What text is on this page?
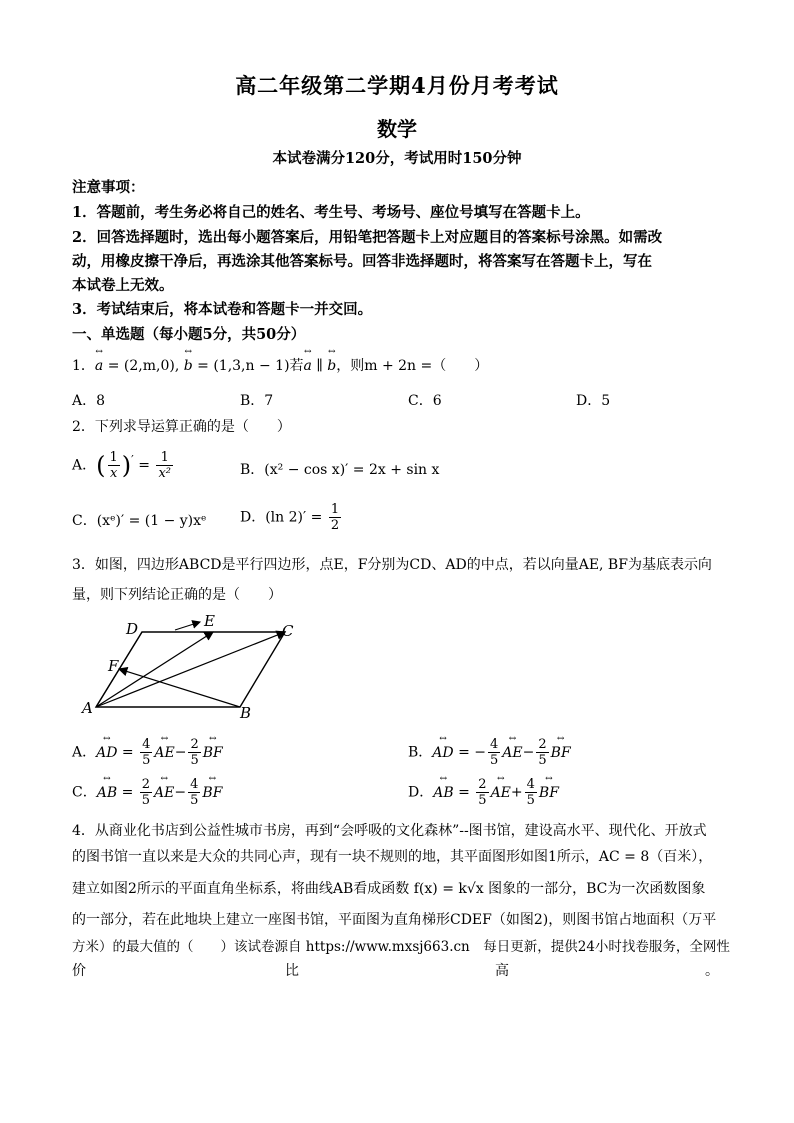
高二年级第二学期4月份月考考试
数学
本试卷满分120分，考试用时150分钟
注意事项：
1．答题前，考生务必将自己的姓名、考生号、考场号、座位号填写在答题卡上。
2．回答选择题时，选出每小题答案后，用铅笔把答题卡上对应题目的答案标号涂黑。如需改
动，用橡皮擦干净后，再选涂其他答案标号。回答非选择题时，将答案写在答题卡上，写在
本试卷上无效。
3．考试结束后，将本试卷和答题卡一并交回。
一、单选题（每小题5分，共50分）
1．↔ a = (2,m,0), ↔ b = (1,3,n − 1)若↔ a ∥ ↔ b，则m + 2n =（　　）
A．8	B．7	C．6	D．5
2．下列求导运算正确的是（　　）
A．( $\frac{1}{x} )' = \frac{1}{\text{x²}}$	B．(x² − cos x)′ = 2x + sin x
C．(xᵉ)′ = (1 − y)xᵉ D．(ln $2)' = \frac{1}{2}$
3．如图，四边形ABCD是平行四边形，点E，F分别为CD、AD的中点，若以向量AE, BF为基底表示向
量，则下列结论正确的是（　　）
A	B
C
D	E
F
A．↔ AD = $\frac{4}{5}$ ↔ $AE- \frac{2}{5}$ ↔ BF	B．↔ AD = − $\frac{4}{5}$ ↔ $AE- \frac{2}{5}$ ↔ BF
C．↔ AB = $\frac{2}{5}$ ↔ $AE- \frac{4}{5}$ ↔ BF	D．↔ AB = $\frac{2}{5}$ ↔ $AE+ \frac{4}{5}$ ↔ BF
4．从商业化书店到公益性城市书房，再到“会呼吸的文化森林”--图书馆，建设高水平、现代化、开放式
的图书馆一直以来是大众的共同心声，现有一块不规则的地，其平面图形如图1所示，AC = 8（百米），
建立如图2所示的平面直角坐标系，将曲线AB看成函数 f(x) = k√x 图象的一部分，BC为一次函数图象
的一部分，若在此地块上建立一座图书馆，平面图为直角梯形CDEF（如图2)，则图书馆占地面积（万平
方米）的最大值的（　　）该试卷源自 https://www.mxsj663.cn　每日更新，提供24小时找卷服务，全网性
价	比	高	。
